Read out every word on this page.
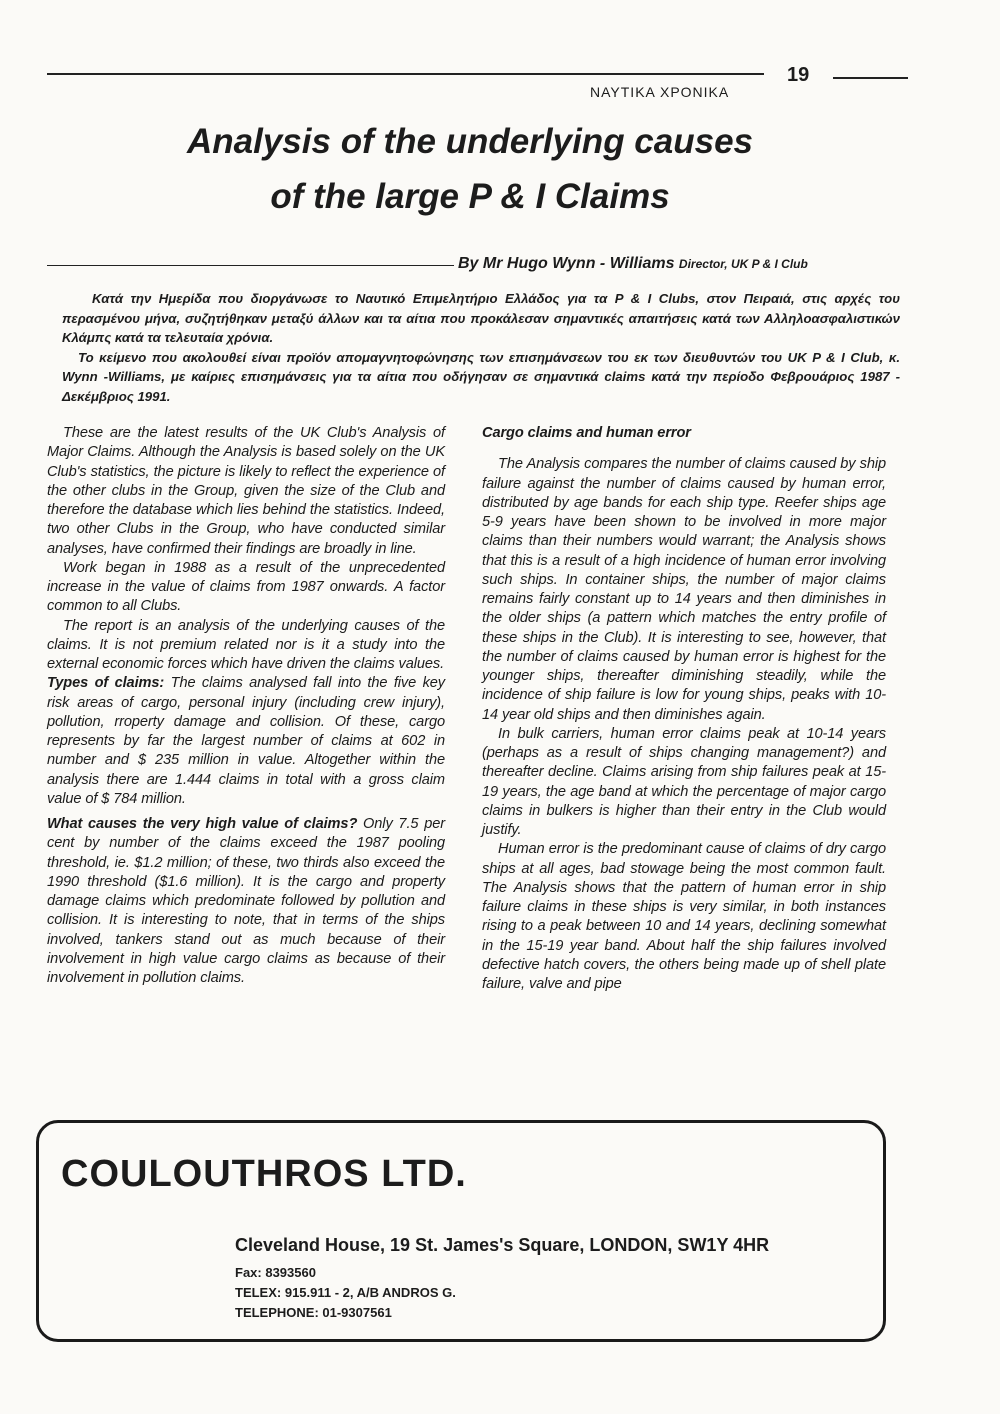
ΝΑΥΤΙΚΑ ΧΡΟΝΙΚΑ
19
Analysis of the underlying causes
of the large P & I Claims
By Mr Hugo Wynn - Williams Director, UK P & I Club

Κατά την Ημερίδα που διοργάνωσε το Ναυτικό Επιμελητήριο Ελλάδος για τα P & I Clubs, στον Πειραιά, στις αρχές του περασμένου μήνα, συζητήθηκαν μεταξύ άλλων και τα αίτια που προκάλεσαν σημαντικές απαιτήσεις κατά των Αλληλοασφαλιστικών Κλάμπς κατά τα τελευταία χρόνια.

Το κείμενο που ακολουθεί είναι προϊόν απομαγνητοφώνησης των επισημάνσεων του εκ των διευθυντών του UK P & I Club, κ. Wynn -Williams, με καίριες επισημάνσεις για τα αίτια που οδήγησαν σε σημαντικά claims κατά την περίοδο Φεβρουάριος 1987 - Δεκέμβριος 1991.

These are the latest results of the UK Club's Analysis of Major Claims. Although the Analysis is based solely on the UK Club's statistics, the picture is likely to reflect the experience of the other clubs in the Group, given the size of the Club and therefore the database which lies behind the statistics. Indeed, two other Clubs in the Group, who have conducted similar analyses, have confirmed their findings are broadly in line.

Work began in 1988 as a result of the unprecedented increase in the value of claims from 1987 onwards. A factor common to all Clubs.

The report is an analysis of the underlying causes of the claims. It is not premium related nor is it a study into the external economic forces which have driven the claims values.

Types of claims: The claims analysed fall into the five key risk areas of cargo, personal injury (including crew injury), pollution, rroperty damage and collision. Of these, cargo represents by far the largest number of claims at 602 in number and $ 235 million in value. Altogether within the analysis there are 1.444 claims in total with a gross claim value of $ 784 million.

What causes the very high value of claims? Only 7.5 per cent by number of the claims exceed the 1987 pooling threshold, ie. $1.2 million; of these, two thirds also exceed the 1990 threshold ($1.6 million). It is the cargo and property damage claims which predominate followed by pollution and collision. It is interesting to note, that in terms of the ships involved, tankers stand out as much because of their involvement in high value cargo claims as because of their involvement in pollution claims.

Cargo claims and human error

The Analysis compares the number of claims caused by ship failure against the number of claims caused by human error, distributed by age bands for each ship type. Reefer ships age 5-9 years have been shown to be involved in more major claims than their numbers would warrant; the Analysis shows that this is a result of a high incidence of human error involving such ships. In container ships, the number of major claims remains fairly constant up to 14 years and then diminishes in the older ships (a pattern which matches the entry profile of these ships in the Club). It is interesting to see, however, that the number of claims caused by human error is highest for the younger ships, thereafter diminishing steadily, while the incidence of ship failure is low for young ships, peaks with 10-14 year old ships and then diminishes again.

In bulk carriers, human error claims peak at 10-14 years (perhaps as a result of ships changing management?) and thereafter decline. Claims arising from ship failures peak at 15-19 years, the age band at which the percentage of major cargo claims in bulkers is higher than their entry in the Club would justify.

Human error is the predominant cause of claims of dry cargo ships at all ages, bad stowage being the most common fault. The Analysis shows that the pattern of human error in ship failure claims in these ships is very similar, in both instances rising to a peak between 10 and 14 years, declining somewhat in the 15-19 year band. About half the ship failures involved defective hatch covers, the others being made up of shell plate failure, valve and pipe

COULOUTHROS LTD.
Cleveland House, 19 St. James's Square, LONDON, SW1Y 4HR
Fax: 8393560
TELEX: 915.911 - 2, A/B ANDROS G.
TELEPHONE: 01-9307561
